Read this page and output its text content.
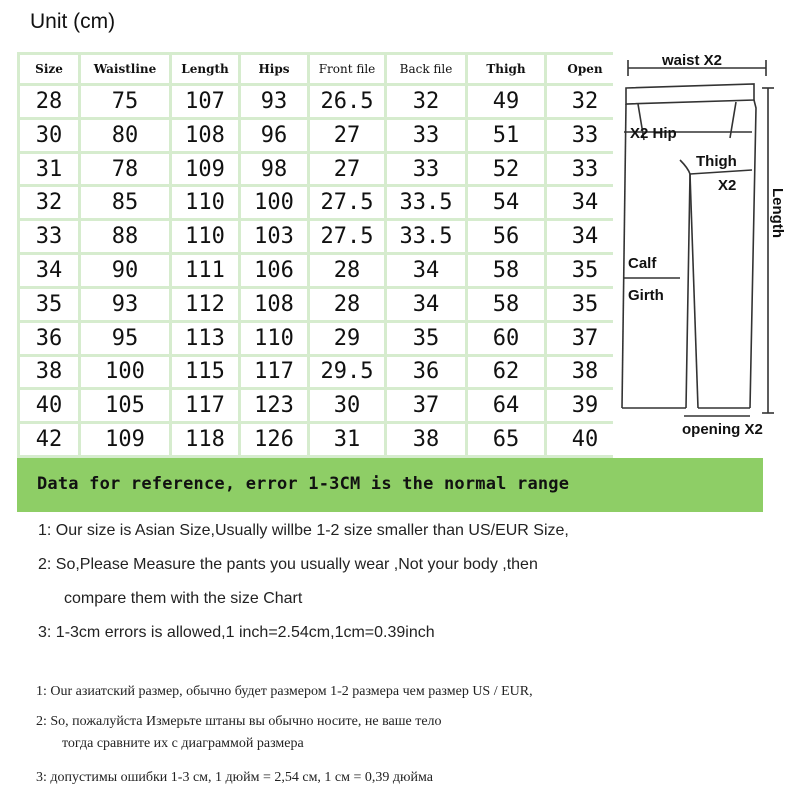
Unit (cm)
Size	Waistline	Length	Hips	Front file	Back file	Thigh	Open
28	75	107	93	26.5	32	49	32
30	80	108	96	27	33	51	33
31	78	109	98	27	33	52	33
32	85	110	100	27.5	33.5	54	34
33	88	110	103	27.5	33.5	56	34
34	90	111	106	28	34	58	35
35	93	112	108	28	34	58	35
36	95	113	110	29	35	60	37
38	100	115	117	29.5	36	62	38
40	105	117	123	30	37	64	39
42	109	118	126	31	38	65	40
waist X2
X2 Hip
Thigh
X2
Calf
Girth
opening X2
Length
Data for reference, error 1-3CM is the normal range
1: Our size is Asian Size,Usually willbe 1-2 size smaller than US/EUR Size,
2: So,Please Measure the pants you usually wear ,Not your body ,then
compare them with the size Chart
3: 1-3cm errors is allowed,1 inch=2.54cm,1cm=0.39inch
1: Our азиатский размер, обычно будет размером 1-2 размера чем размер US / EUR,
2: So, пожалуйста Измерьте штаны вы обычно носите, не ваше тело
тогда сравните их с диаграммой размера
3: допустимы ошибки 1-3 см, 1 дюйм = 2,54 см, 1 см = 0,39 дюйма
